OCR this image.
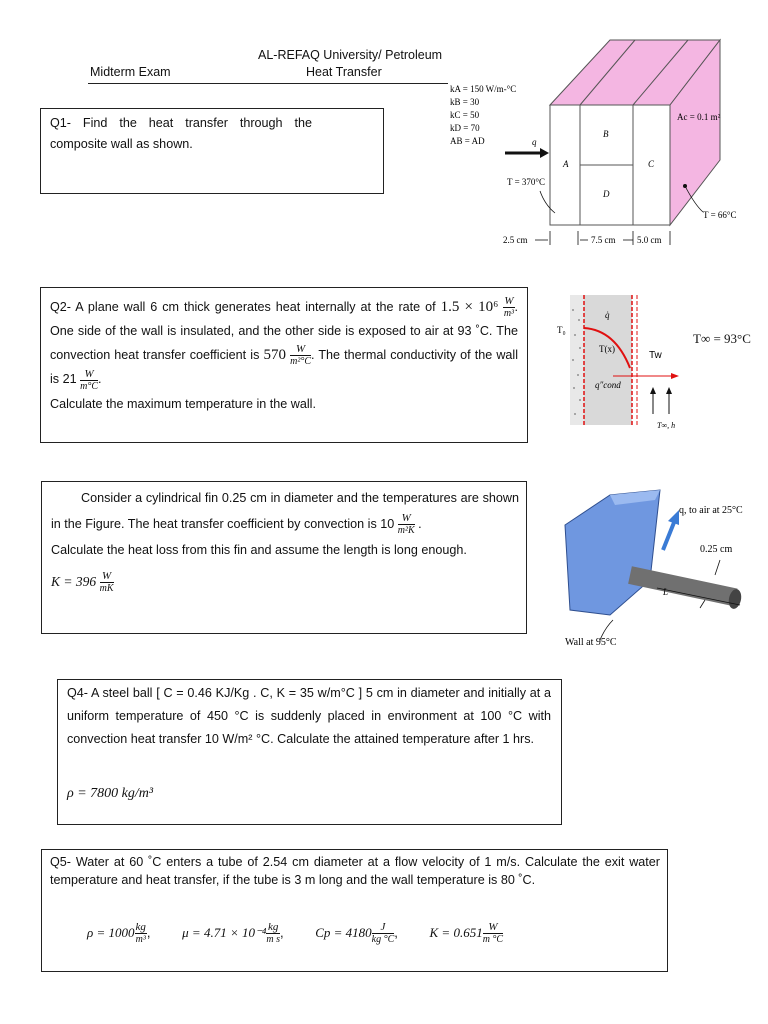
AL-REFAQ University/ Petroleum
Midterm Exam	Heat Transfer
Q1- Find the heat transfer through the composite wall as shown.
A
B
C
D
kA = 150 W/m-°C
kB = 30
kC = 50
kD = 70
AB = AD	q
T = 370°C
Ac = 0.1 m²
T = 66°C
2.5 cm	7.5 cm 5.0 cm
Q2- A plane wall 6 cm thick generates heat internally at the rate of $1.5 \times 10^6 \frac{W}{\text{m³}}$ . One side of the wall is insulated, and the other side is exposed to air at 93 ˚C. The convection heat transfer coefficient is $570 \frac{W}{\text{m²°C}}$ . The thermal conductivity of the wall is $21 \frac{W}{m^\circ C}$ .
Calculate the maximum temperature in the wall.
T₀
q̇
T(x)
q″cond
Tw
T∞, h
T∞ = 93°C
Consider a cylindrical fin 0.25 cm in diameter and the temperatures are shown in the Figure. The heat transfer coefficient by convection is $10 \frac{W}{\text{m²K}}$ .
Calculate the heat loss from this fin and assume the length is long enough.
$K = 396 \frac{W}{mK}$
q, to air at 25°C
0.25 cm
L
Wall at 95°C
Q4- A steel ball [ C = 0.46 KJ/Kg . C, K = 35 w/m°C ] 5 cm in diameter and initially at a uniform temperature of 450 °C is suddenly placed in environment at 100 °C with convection heat transfer 10 W/m² °C. Calculate the attained temperature after 1 hrs.
ρ = 7800 kg/m³
Q5- Water at 60 ˚C enters a tube of 2.54 cm diameter at a flow velocity of 1 m/s. Calculate the exit water temperature and heat transfer, if the tube is 3 m long and the wall temperature is 80 ˚C.
$\rho = 1000 \frac{kg}{\text{m³}}$ , $\mu = 4.71 \times 10^{-4} \frac{kg}{\text{m s}}$ , $Cp = 4180 \frac{J}{kg ^\circ C}$ , $K = 0.651 \frac{W}{m ^\circ C}$
